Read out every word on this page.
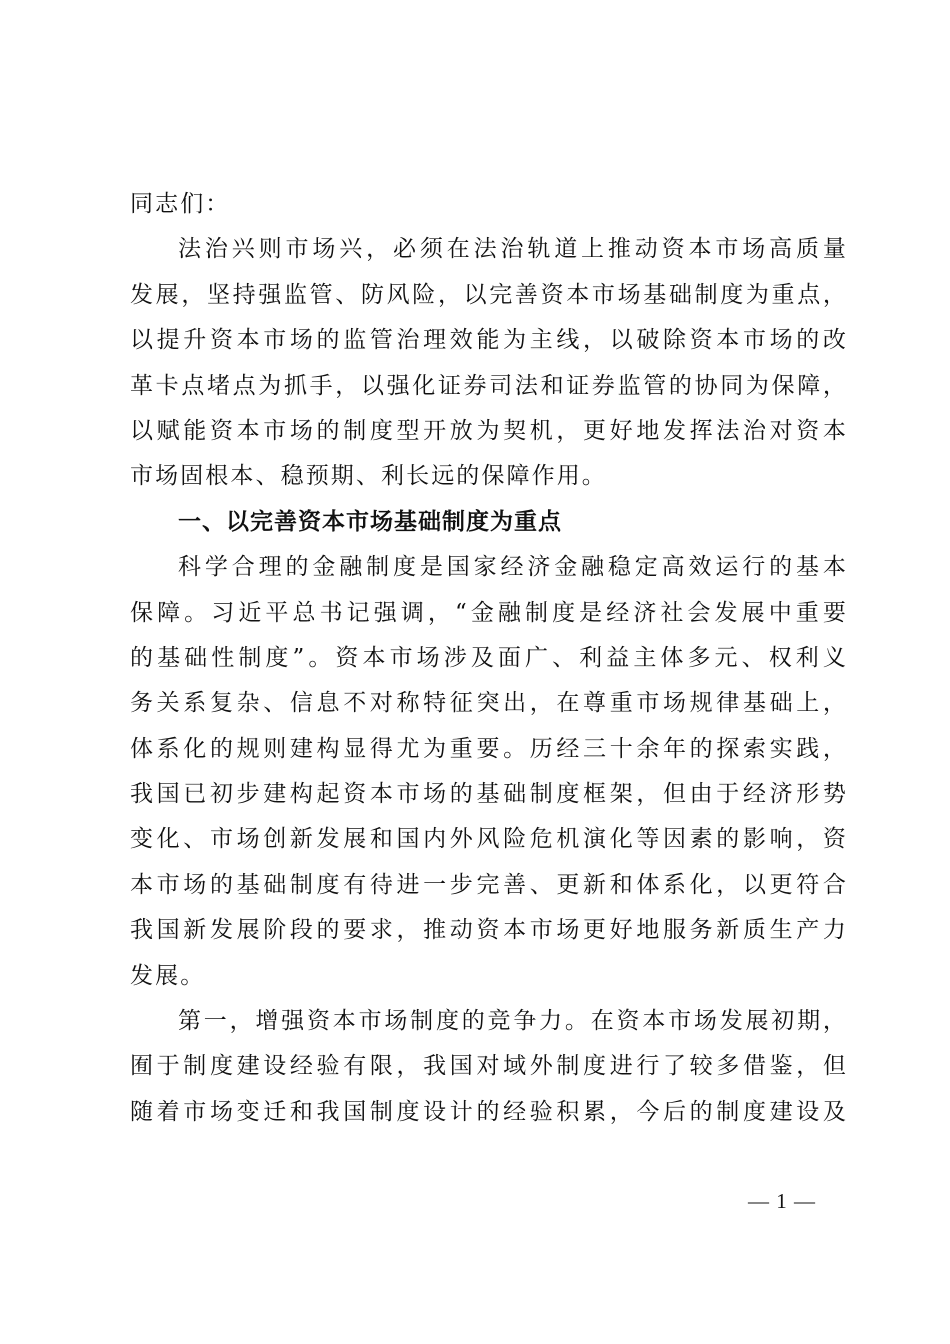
同志们：
法治兴则市场兴，必须在法治轨道上推动资本市场高质量
发展，坚持强监管、防风险，以完善资本市场基础制度为重点，
以提升资本市场的监管治理效能为主线，以破除资本市场的改
革卡点堵点为抓手，以强化证券司法和证券监管的协同为保障，
以赋能资本市场的制度型开放为契机，更好地发挥法治对资本
市场固根本、稳预期、利长远的保障作用。
一、以完善资本市场基础制度为重点
科学合理的金融制度是国家经济金融稳定高效运行的基本
保障。习近平总书记强调，“金融制度是经济社会发展中重要
的基础性制度”。资本市场涉及面广、利益主体多元、权利义
务关系复杂、信息不对称特征突出，在尊重市场规律基础上，
体系化的规则建构显得尤为重要。历经三十余年的探索实践，
我国已初步建构起资本市场的基础制度框架，但由于经济形势
变化、市场创新发展和国内外风险危机演化等因素的影响，资
本市场的基础制度有待进一步完善、更新和体系化，以更符合
我国新发展阶段的要求，推动资本市场更好地服务新质生产力
发展。
第一，增强资本市场制度的竞争力。在资本市场发展初期，
囿于制度建设经验有限，我国对域外制度进行了较多借鉴，但
随着市场变迁和我国制度设计的经验积累，今后的制度建设及
— 1 —
